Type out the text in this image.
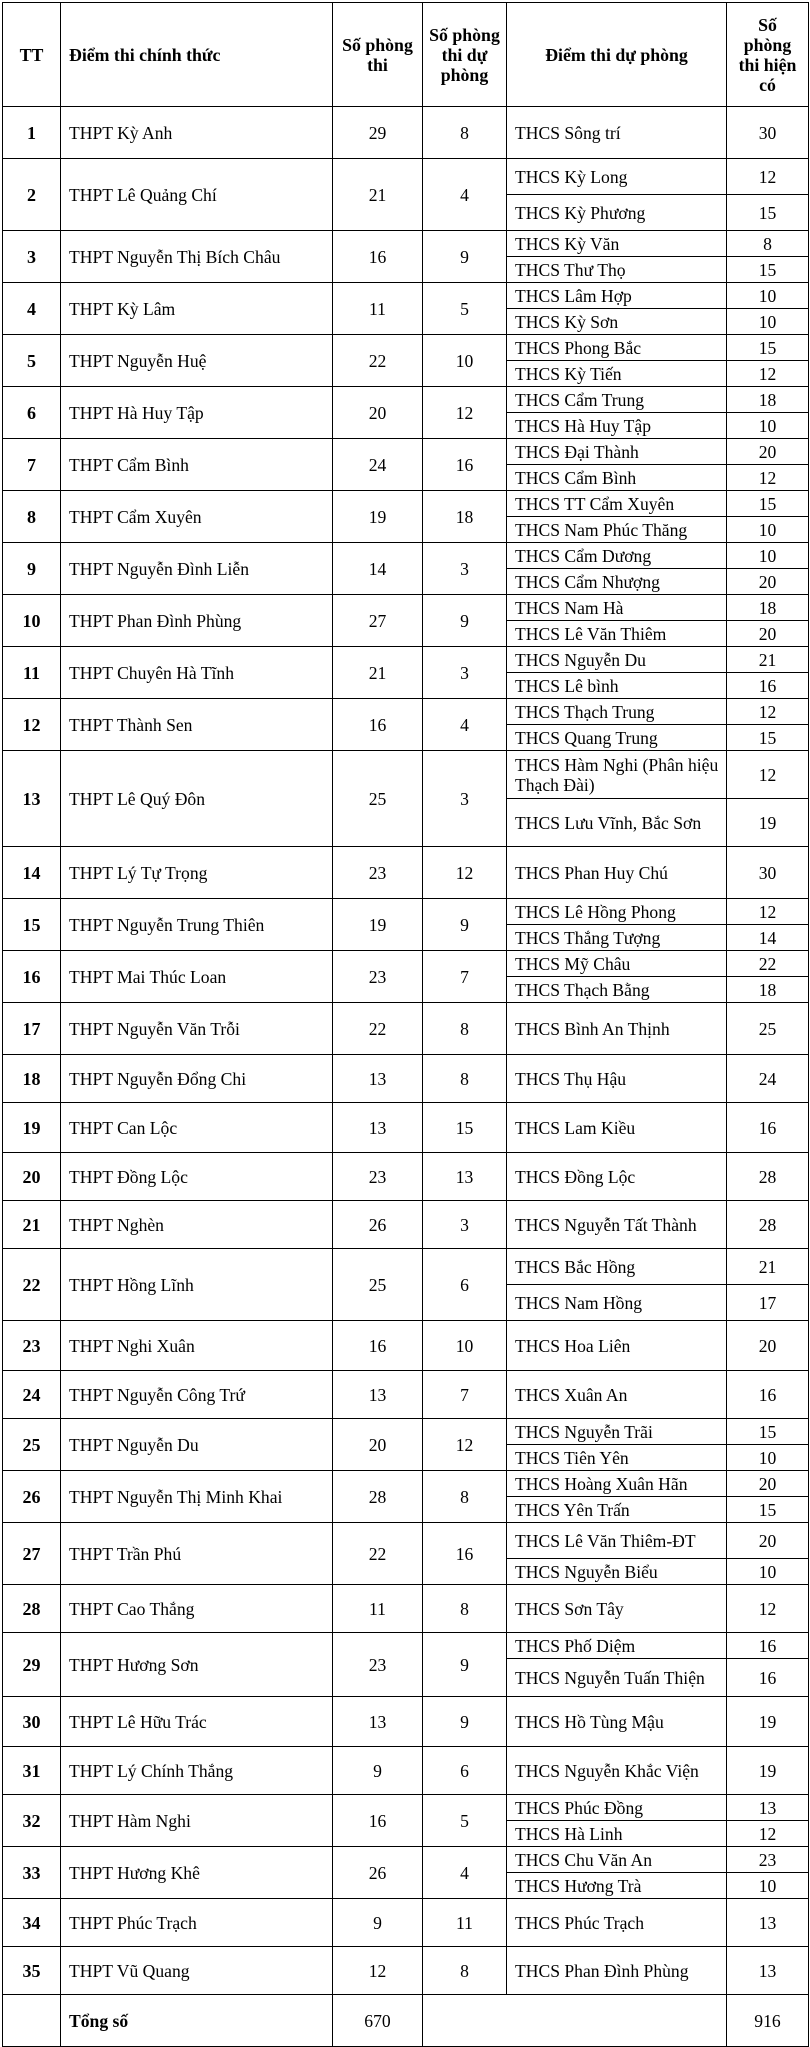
TT	Điểm thi chính thức	Số phòng thi	Số phòng thi dự phòng	Điểm thi dự phòng	Số phòng thi hiện có
1	THPT Kỳ Anh	29	8	THCS Sông trí	30
2	THPT Lê Quảng Chí	21	4	THCS Kỳ Long	12
				THCS Kỳ Phương	15
3	THPT Nguyễn Thị Bích Châu	16	9	THCS Kỳ Văn	8
				THCS Thư Thọ	15
4	THPT Kỳ Lâm	11	5	THCS Lâm Hợp	10
				THCS Kỳ Sơn	10
5	THPT Nguyễn Huệ	22	10	THCS Phong Bắc	15
				THCS Kỳ Tiến	12
6	THPT Hà Huy Tập	20	12	THCS Cẩm Trung	18
				THCS Hà Huy Tập	10
7	THPT Cẩm Bình	24	16	THCS Đại Thành	20
				THCS Cẩm Bình	12
8	THPT Cẩm Xuyên	19	18	THCS TT Cẩm Xuyên	15
				THCS Nam Phúc Thăng	10
9	THPT Nguyễn Đình Liễn	14	3	THCS Cẩm Dương	10
				THCS Cẩm Nhượng	20
10	THPT Phan Đình Phùng	27	9	THCS Nam Hà	18
				THCS Lê Văn Thiêm	20
11	THPT Chuyên Hà Tĩnh	21	3	THCS Nguyễn Du	21
				THCS Lê bình	16
12	THPT Thành Sen	16	4	THCS Thạch Trung	12
				THCS Quang Trung	15
13	THPT Lê Quý Đôn	25	3	THCS Hàm Nghi (Phân hiệu Thạch Đài)	12
				THCS Lưu Vĩnh, Bắc Sơn	19
14	THPT Lý Tự Trọng	23	12	THCS Phan Huy Chú	30
15	THPT Nguyễn Trung Thiên	19	9	THCS Lê Hồng Phong	12
				THCS Thắng Tượng	14
16	THPT Mai Thúc Loan	23	7	THCS Mỹ Châu	22
				THCS Thạch Bằng	18
17	THPT Nguyễn Văn Trỗi	22	8	THCS Bình An Thịnh	25
18	THPT Nguyễn Đổng Chi	13	8	THCS Thụ Hậu	24
19	THPT Can Lộc	13	15	THCS Lam Kiều	16
20	THPT Đồng Lộc	23	13	THCS Đồng Lộc	28
21	THPT Nghèn	26	3	THCS Nguyễn Tất Thành	28
22	THPT Hồng Lĩnh	25	6	THCS Bắc Hồng	21
				THCS Nam Hồng	17
23	THPT Nghi Xuân	16	10	THCS Hoa Liên	20
24	THPT Nguyễn Công Trứ	13	7	THCS Xuân An	16
25	THPT Nguyễn Du	20	12	THCS Nguyễn Trãi	15
				THCS Tiên Yên	10
26	THPT Nguyễn Thị Minh Khai	28	8	THCS Hoàng Xuân Hãn	20
				THCS Yên Trấn	15
27	THPT Trần Phú	22	16	THCS Lê Văn Thiêm-ĐT	20
				THCS Nguyễn Biểu	10
28	THPT Cao Thắng	11	8	THCS Sơn Tây	12
29	THPT Hương Sơn	23	9	THCS Phố Diệm	16
				THCS Nguyễn Tuấn Thiện	16
30	THPT Lê Hữu Trác	13	9	THCS Hồ Tùng Mậu	19
31	THPT Lý Chính Thắng	9	6	THCS Nguyễn Khắc Viện	19
32	THPT Hàm Nghi	16	5	THCS Phúc Đồng	13
				THCS Hà Linh	12
33	THPT Hương Khê	26	4	THCS Chu Văn An	23
				THCS Hương Trà	10
34	THPT Phúc Trạch	9	11	THCS Phúc Trạch	13
35	THPT Vũ Quang	12	8	THCS Phan Đình Phùng	13
	Tổng số	670			916
